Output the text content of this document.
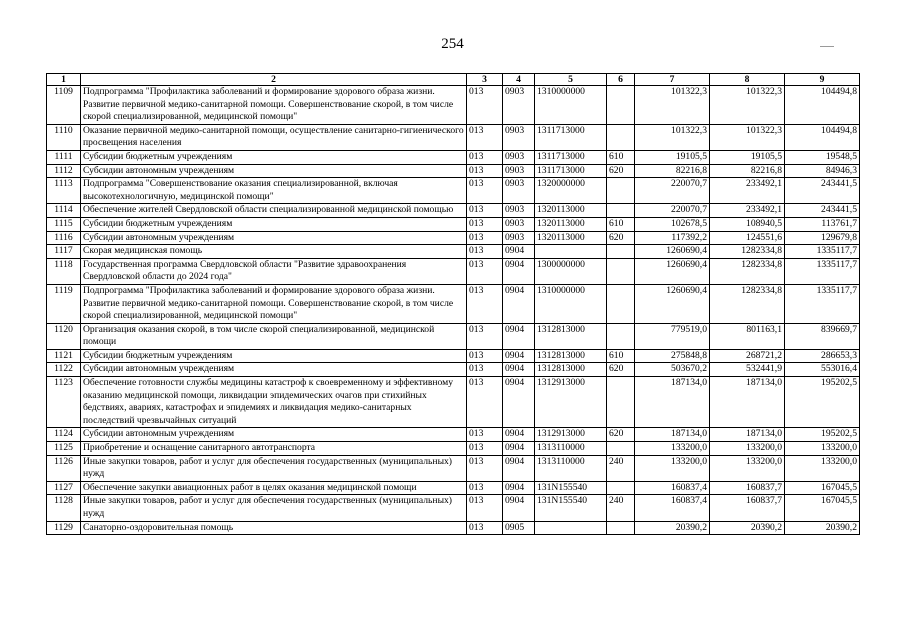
254
1	2	3	4	5	6	7	8	9
1109	Подпрограмма "Профилактика заболеваний и формирование здорового образа жизни. Развитие первичной медико-санитарной помощи. Совершенствование скорой, в том числе скорой специализированной, медицинской помощи"	013	0903	1310000000		101322,3	101322,3	104494,8
1110	Оказание первичной медико-санитарной помощи, осуществление санитарно-гигиенического просвещения населения	013	0903	1311713000		101322,3	101322,3	104494,8
1111	Субсидии бюджетным учреждениям	013	0903	1311713000	610	19105,5	19105,5	19548,5
1112	Субсидии автономным учреждениям	013	0903	1311713000	620	82216,8	82216,8	84946,3
1113	Подпрограмма "Совершенствование оказания специализированной, включая высокотехнологичную, медицинской помощи"	013	0903	1320000000		220070,7	233492,1	243441,5
1114	Обеспечение жителей Свердловской области специализированной медицинской помощью	013	0903	1320113000		220070,7	233492,1	243441,5
1115	Субсидии бюджетным учреждениям	013	0903	1320113000	610	102678,5	108940,5	113761,7
1116	Субсидии автономным учреждениям	013	0903	1320113000	620	117392,2	124551,6	129679,8
1117	Скорая медицинская помощь	013	0904			1260690,4	1282334,8	1335117,7
1118	Государственная программа Свердловской области "Развитие здравоохранения Свердловской области до 2024 года"	013	0904	1300000000		1260690,4	1282334,8	1335117,7
1119	Подпрограмма "Профилактика заболеваний и формирование здорового образа жизни. Развитие первичной медико-санитарной помощи. Совершенствование скорой, в том числе скорой специализированной, медицинской помощи"	013	0904	1310000000		1260690,4	1282334,8	1335117,7
1120	Организация оказания скорой, в том числе скорой специализированной, медицинской помощи	013	0904	1312813000		779519,0	801163,1	839669,7
1121	Субсидии бюджетным учреждениям	013	0904	1312813000	610	275848,8	268721,2	286653,3
1122	Субсидии автономным учреждениям	013	0904	1312813000	620	503670,2	532441,9	553016,4
1123	Обеспечение готовности службы медицины катастроф к своевременному и эффективному оказанию медицинской помощи, ликвидации эпидемических очагов при стихийных бедствиях, авариях, катастрофах и эпидемиях и ликвидация медико-санитарных последствий чрезвычайных ситуаций	013	0904	1312913000		187134,0	187134,0	195202,5
1124	Субсидии автономным учреждениям	013	0904	1312913000	620	187134,0	187134,0	195202,5
1125	Приобретение и оснащение санитарного автотранспорта	013	0904	1313110000		133200,0	133200,0	133200,0
1126	Иные закупки товаров, работ и услуг для обеспечения государственных (муниципальных) нужд	013	0904	1313110000	240	133200,0	133200,0	133200,0
1127	Обеспечение закупки авиационных работ в целях оказания медицинской помощи	013	0904	131N155540		160837,4	160837,7	167045,5
1128	Иные закупки товаров, работ и услуг для обеспечения государственных (муниципальных) нужд	013	0904	131N155540	240	160837,4	160837,7	167045,5
1129	Санаторно-оздоровительная помощь	013	0905			20390,2	20390,2	20390,2
